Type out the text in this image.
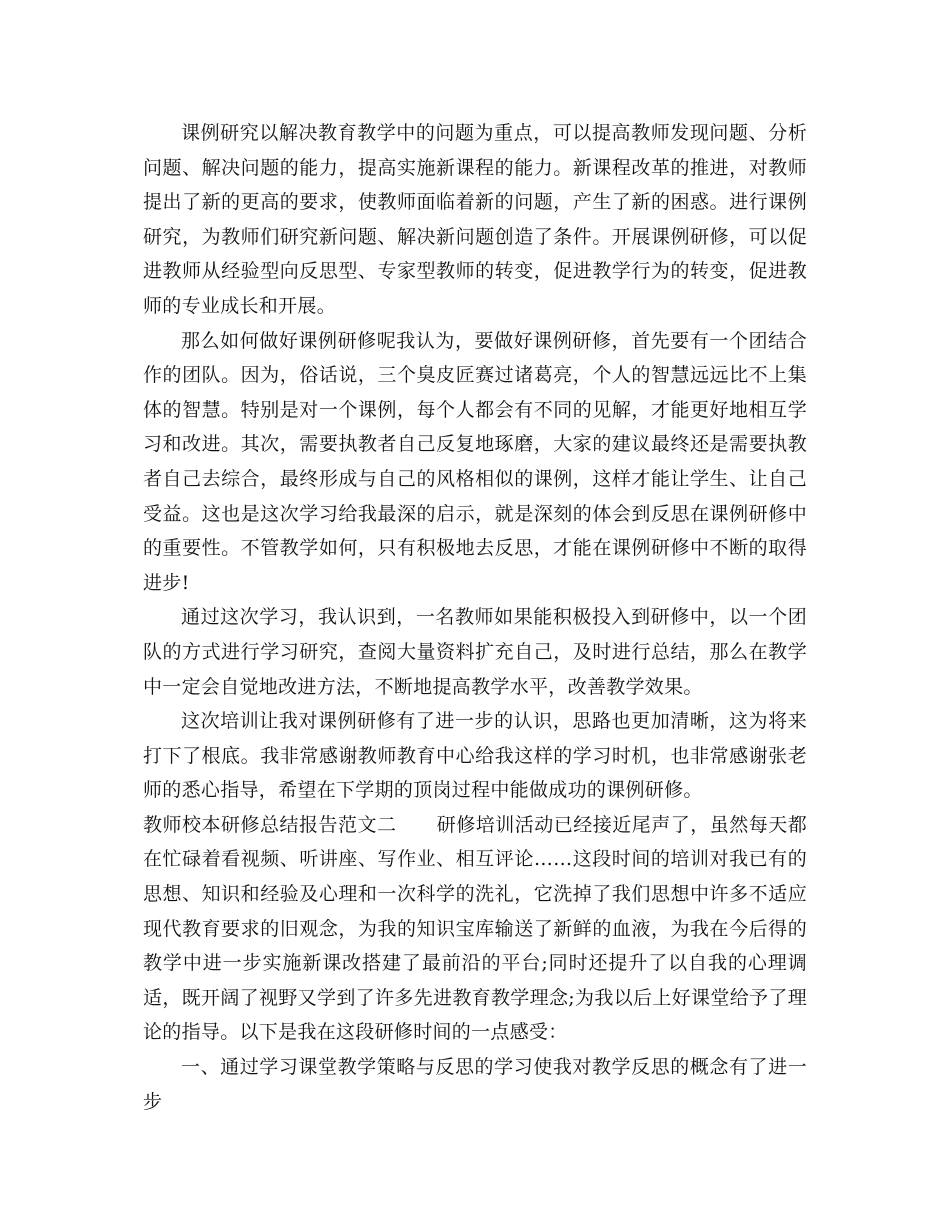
课例研究以解决教育教学中的问题为重点，可以提高教师发现问题、分析问题、解决问题的能力，提高实施新课程的能力。新课程改革的推进，对教师提出了新的更高的要求，使教师面临着新的问题，产生了新的困惑。进行课例研究，为教师们研究新问题、解决新问题创造了条件。开展课例研修，可以促进教师从经验型向反思型、专家型教师的转变，促进教学行为的转变，促进教师的专业成长和开展。

那么如何做好课例研修呢我认为，要做好课例研修，首先要有一个团结合作的团队。因为，俗话说，三个臭皮匠赛过诸葛亮，个人的智慧远远比不上集体的智慧。特别是对一个课例，每个人都会有不同的见解，才能更好地相互学习和改进。其次，需要执教者自己反复地琢磨，大家的建议最终还是需要执教者自己去综合，最终形成与自己的风格相似的课例，这样才能让学生、让自己受益。这也是这次学习给我最深的启示，就是深刻的体会到反思在课例研修中的重要性。不管教学如何，只有积极地去反思，才能在课例研修中不断的取得进步!

通过这次学习，我认识到，一名教师如果能积极投入到研修中，以一个团队的方式进行学习研究，查阅大量资料扩充自己，及时进行总结，那么在教学中一定会自觉地改进方法，不断地提高教学水平，改善教学效果。

这次培训让我对课例研修有了进一步的认识，思路也更加清晰，这为将来打下了根底。我非常感谢教师教育中心给我这样的学习时机，也非常感谢张老师的悉心指导，希望在下学期的顶岗过程中能做成功的课例研修。

教师校本研修总结报告范文二 研修培训活动已经接近尾声了，虽然每天都在忙碌着看视频、听讲座、写作业、相互评论……这段时间的培训对我已有的思想、知识和经验及心理和一次科学的洗礼，它洗掉了我们思想中许多不适应现代教育要求的旧观念，为我的知识宝库输送了新鲜的血液，为我在今后得的教学中进一步实施新课改搭建了最前沿的平台;同时还提升了以自我的心理调适，既开阔了视野又学到了许多先进教育教学理念;为我以后上好课堂给予了理论的指导。以下是我在这段研修时间的一点感受：

一、通过学习课堂教学策略与反思的学习使我对教学反思的概念有了进一步
